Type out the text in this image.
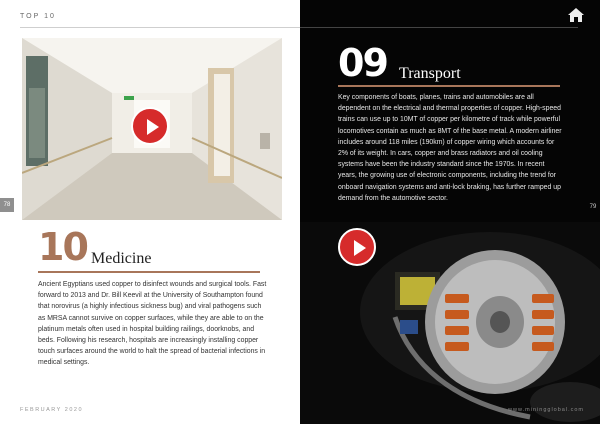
TOP 10
78
10 Medicine

Ancient Egyptians used copper to disinfect wounds and surgical tools. Fast forward to 2013 and Dr. Bill Keevil at the University of Southampton found that norovirus (a highly infectious sickness bug) and viral pathogens such as MRSA cannot survive on copper surfaces, while they are able to on the platinum metals often used in hospital building railings, doorknobs, and beds. Following his research, hospitals are increasingly installing copper touch surfaces around the world to halt the spread of bacterial infections in medical settings.

FEBRUARY 2020
09 Transport

Key components of boats, planes, trains and automobiles are all dependent on the electrical and thermal properties of copper. High-speed trains can use up to 10MT of copper per kilometre of track while powerful locomotives contain as much as 8MT of the base metal. A modern airliner includes around 118 miles (190km) of copper wiring which accounts for 2% of its weight. In cars, copper and brass radiators and oil cooling systems have been the industry standard since the 1970s. In recent years, the growing use of electronic components, including the trend for onboard navigation systems and anti-lock braking, has further ramped up demand from the automotive sector.

79
www.miningglobal.com
